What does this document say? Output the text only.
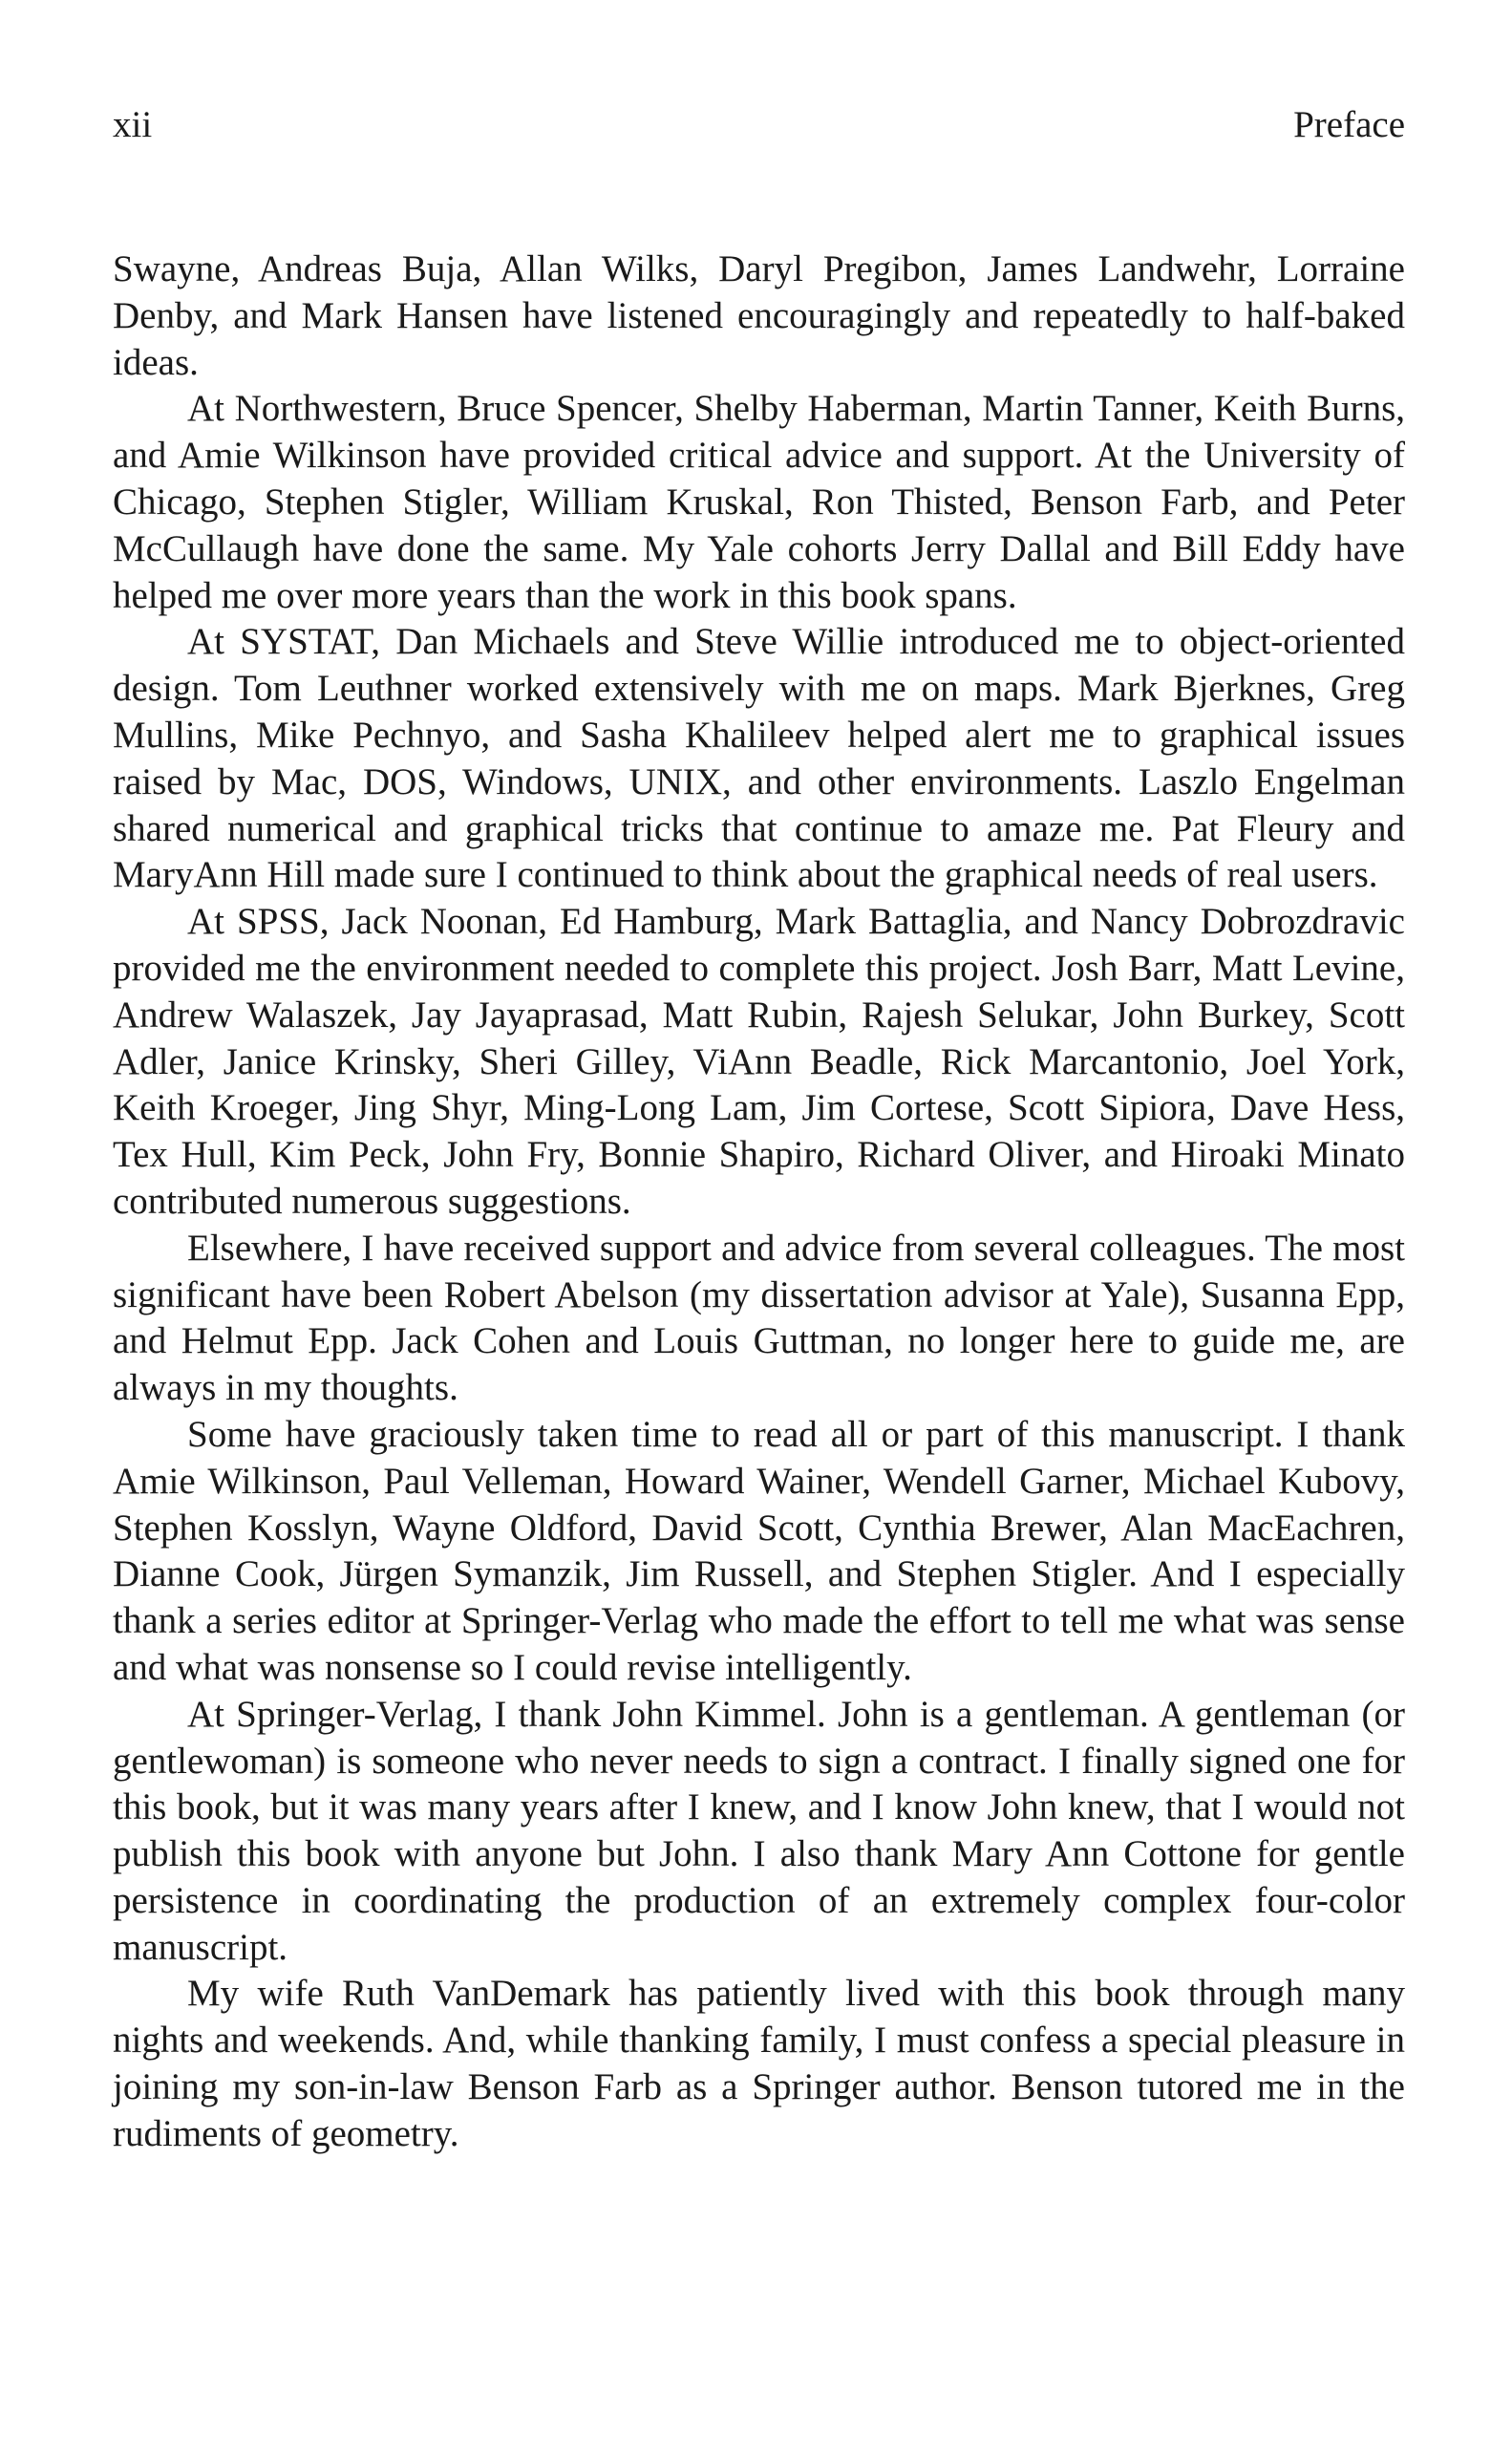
xii	Preface

Swayne, Andreas Buja, Allan Wilks, Daryl Pregibon, James Landwehr, Lorraine Denby, and Mark Hansen have listened encouragingly and repeatedly to half-baked ideas.

At Northwestern, Bruce Spencer, Shelby Haberman, Martin Tanner, Keith Burns, and Amie Wilkinson have provided critical advice and support. At the University of Chicago, Stephen Stigler, William Kruskal, Ron Thisted, Benson Farb, and Peter McCullaugh have done the same. My Yale cohorts Jerry Dallal and Bill Eddy have helped me over more years than the work in this book spans.

At SYSTAT, Dan Michaels and Steve Willie introduced me to object-oriented design. Tom Leuthner worked extensively with me on maps. Mark Bjerknes, Greg Mullins, Mike Pechnyo, and Sasha Khalileev helped alert me to graphical issues raised by Mac, DOS, Windows, UNIX, and other environments. Laszlo Engelman shared numerical and graphical tricks that continue to amaze me. Pat Fleury and MaryAnn Hill made sure I continued to think about the graphical needs of real users.

At SPSS, Jack Noonan, Ed Hamburg, Mark Battaglia, and Nancy Dobrozdravic provided me the environment needed to complete this project. Josh Barr, Matt Levine, Andrew Walaszek, Jay Jayaprasad, Matt Rubin, Rajesh Selukar, John Burkey, Scott Adler, Janice Krinsky, Sheri Gilley, ViAnn Beadle, Rick Marcantonio, Joel York, Keith Kroeger, Jing Shyr, Ming-Long Lam, Jim Cortese, Scott Sipiora, Dave Hess, Tex Hull, Kim Peck, John Fry, Bonnie Shapiro, Richard Oliver, and Hiroaki Minato contributed numerous suggestions.

Elsewhere, I have received support and advice from several colleagues. The most significant have been Robert Abelson (my dissertation advisor at Yale), Susanna Epp, and Helmut Epp. Jack Cohen and Louis Guttman, no longer here to guide me, are always in my thoughts.

Some have graciously taken time to read all or part of this manuscript. I thank Amie Wilkinson, Paul Velleman, Howard Wainer, Wendell Garner, Michael Kubovy, Stephen Kosslyn, Wayne Oldford, David Scott, Cynthia Brewer, Alan MacEachren, Dianne Cook, Jürgen Symanzik, Jim Russell, and Stephen Stigler. And I especially thank a series editor at Springer-Verlag who made the effort to tell me what was sense and what was nonsense so I could revise intelligently.

At Springer-Verlag, I thank John Kimmel. John is a gentleman. A gentleman (or gentlewoman) is someone who never needs to sign a contract. I finally signed one for this book, but it was many years after I knew, and I know John knew, that I would not publish this book with anyone but John. I also thank Mary Ann Cottone for gentle persistence in coordinating the production of an extremely complex four-color manuscript.

My wife Ruth VanDemark has patiently lived with this book through many nights and weekends. And, while thanking family, I must confess a special pleasure in joining my son-in-law Benson Farb as a Springer author. Benson tutored me in the rudiments of geometry.
